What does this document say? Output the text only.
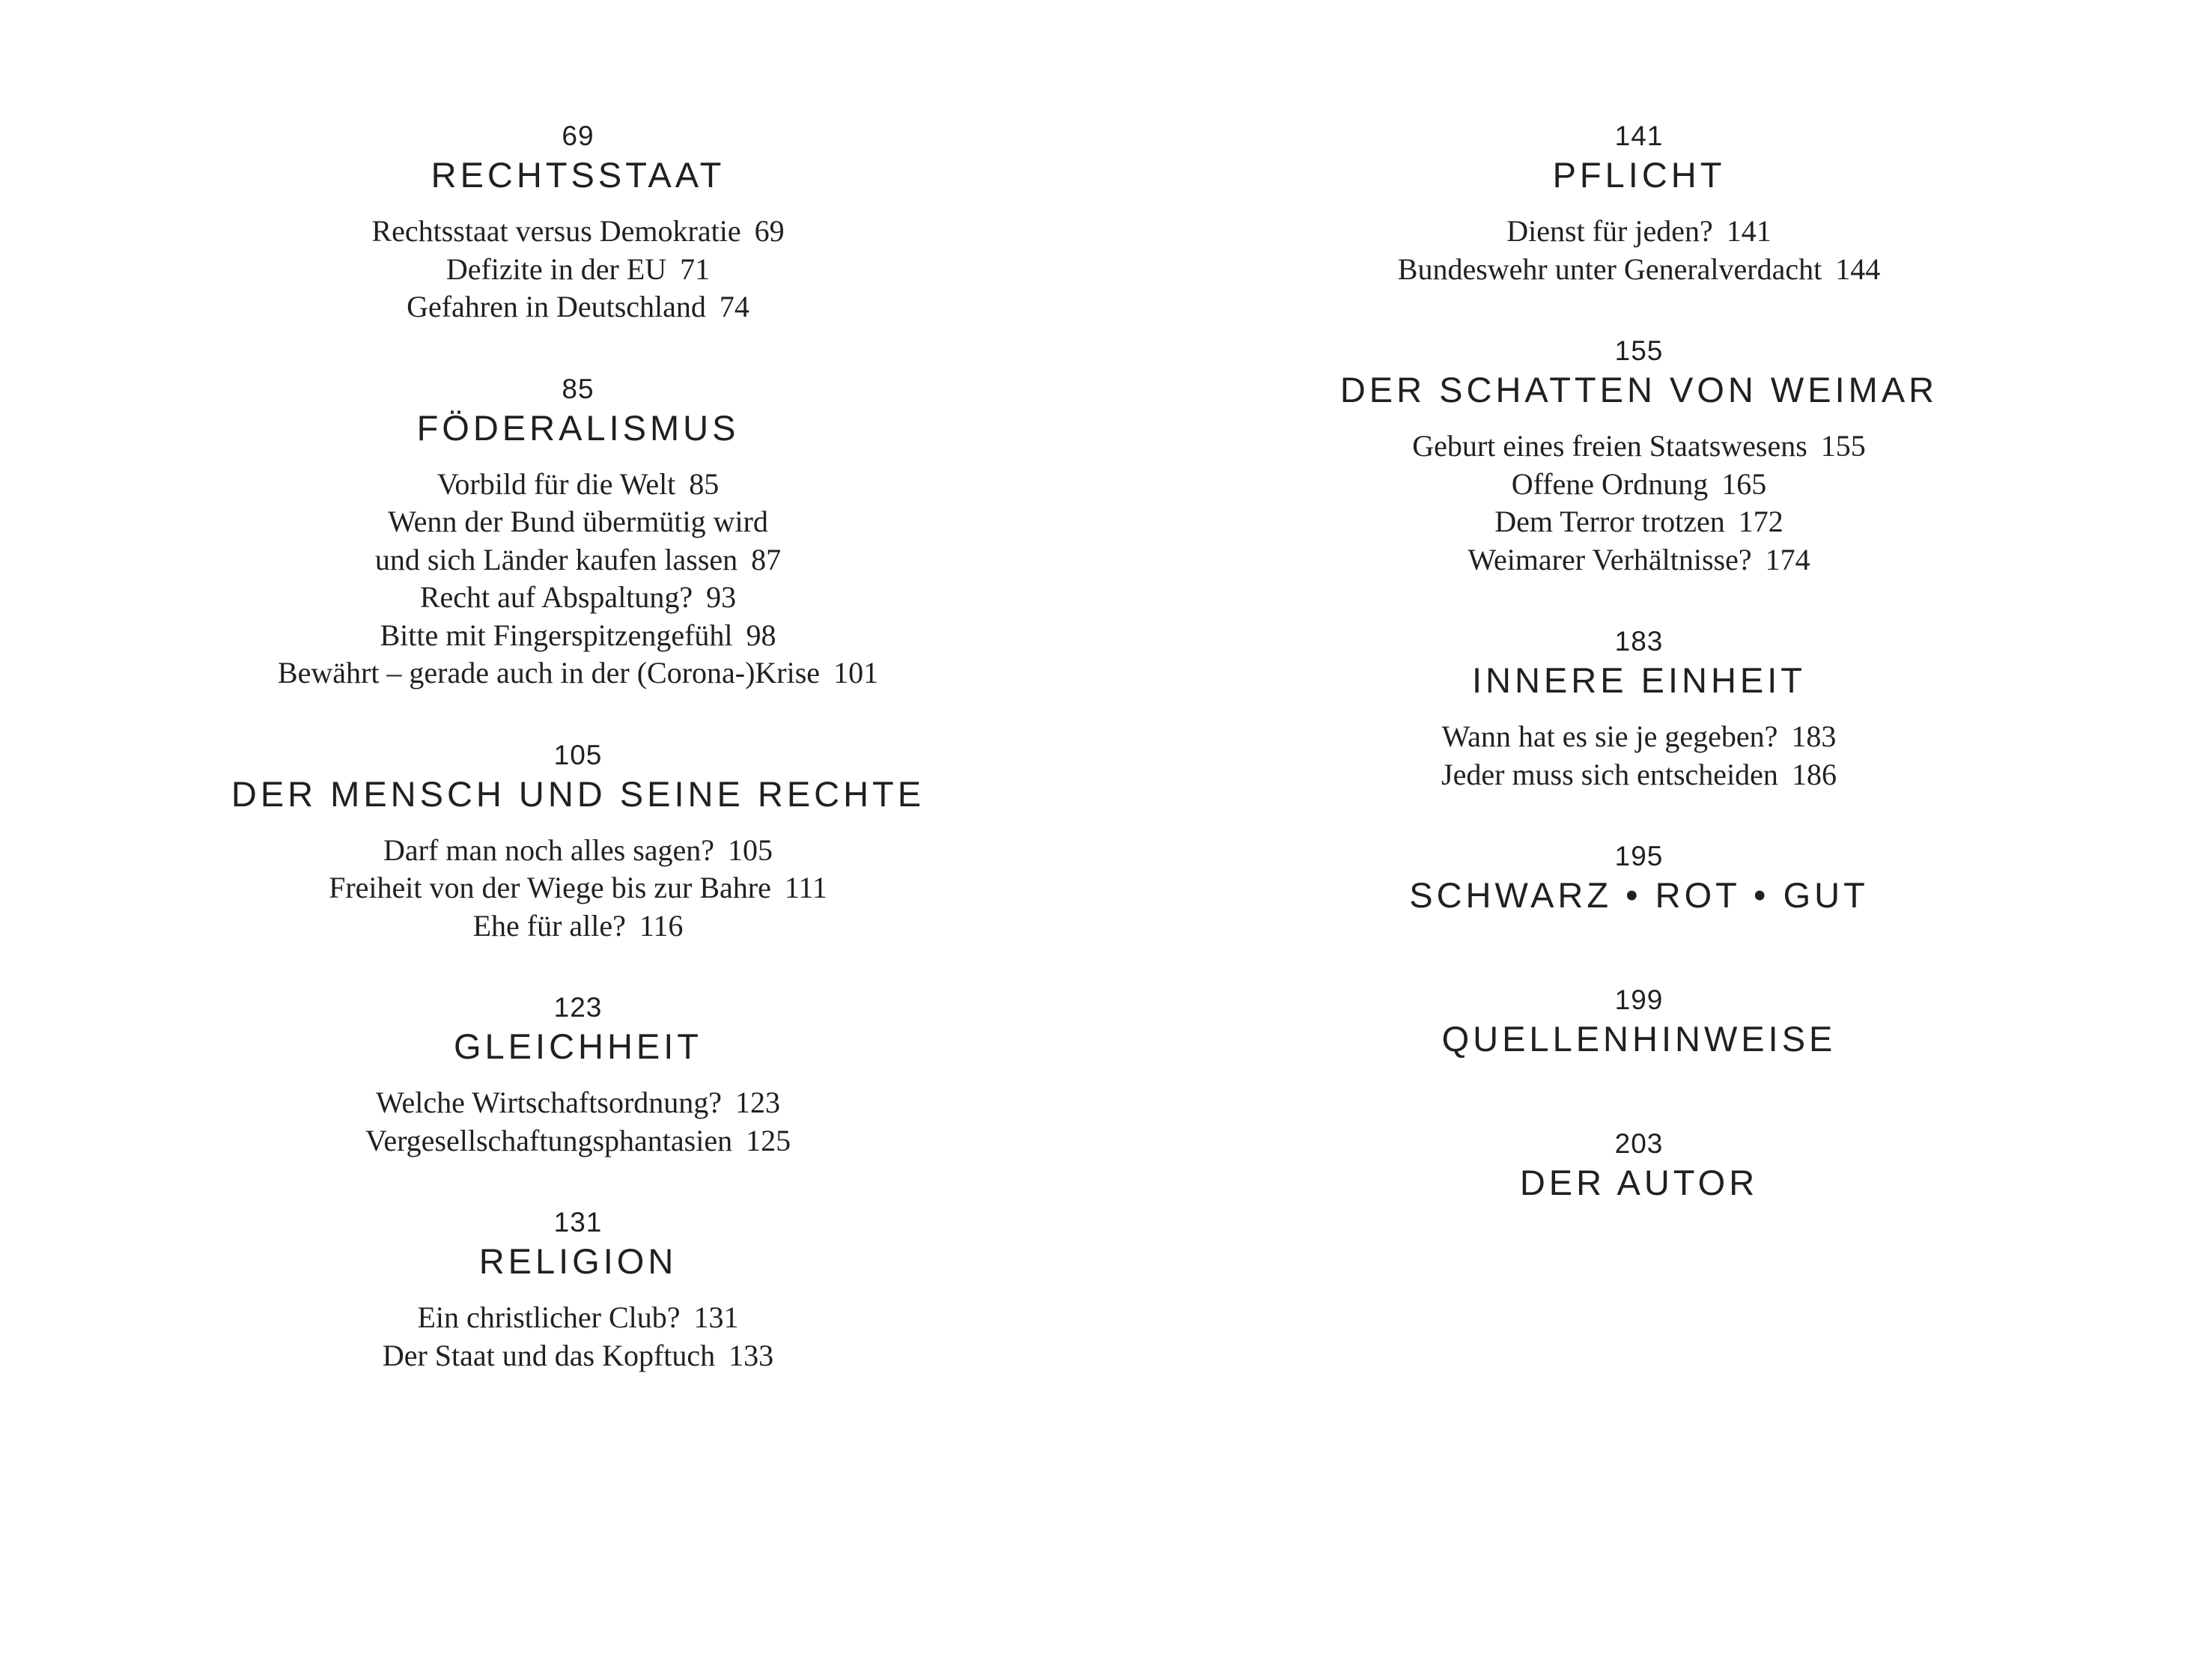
69
RECHTSSTAAT
Rechtsstaat versus Demokratie 69
Defizite in der EU 71
Gefahren in Deutschland 74
85
FÖDERALISMUS
Vorbild für die Welt 85
Wenn der Bund übermütig wird
und sich Länder kaufen lassen 87
Recht auf Abspaltung? 93
Bitte mit Fingerspitzengefühl 98
Bewährt – gerade auch in der (Corona-)Krise 101
105
DER MENSCH UND SEINE RECHTE
Darf man noch alles sagen? 105
Freiheit von der Wiege bis zur Bahre 111
Ehe für alle? 116
123
GLEICHHEIT
Welche Wirtschaftsordnung? 123
Vergesellschaftungsphantasien 125
131
RELIGION
Ein christlicher Club? 131
Der Staat und das Kopftuch 133
141
PFLICHT
Dienst für jeden? 141
Bundeswehr unter Generalverdacht 144
155
DER SCHATTEN VON WEIMAR
Geburt eines freien Staatswesens 155
Offene Ordnung 165
Dem Terror trotzen 172
Weimarer Verhältnisse? 174
183
INNERE EINHEIT
Wann hat es sie je gegeben? 183
Jeder muss sich entscheiden 186
195
SCHWARZ • ROT • GUT
199
QUELLENHINWEISE
203
DER AUTOR
